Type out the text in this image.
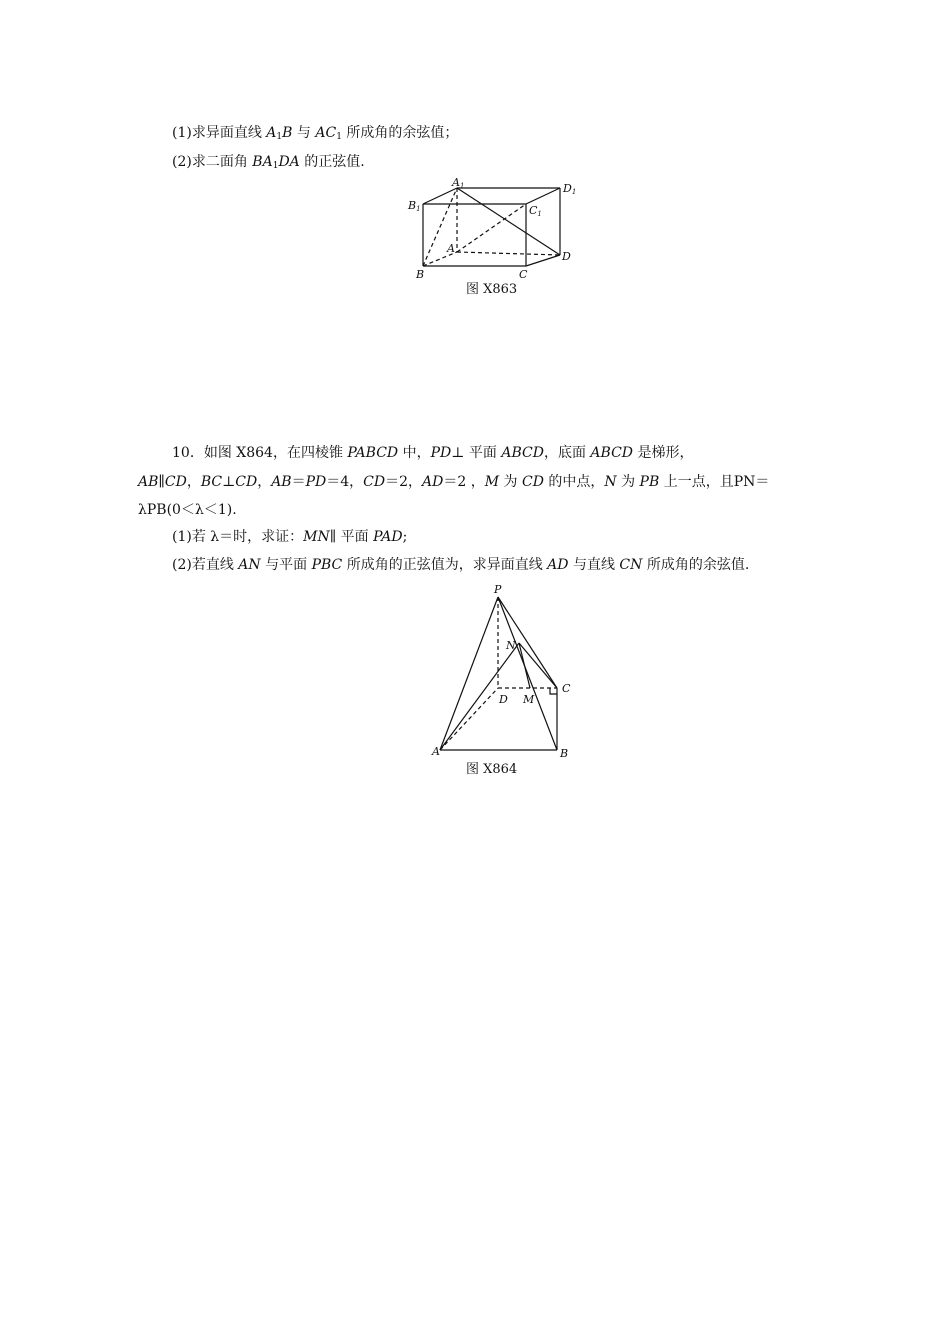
(1)求异面直线 $A_1B$ 与 $AC_1$ 所成角的余弦值；
(2)求二面角 $BA_1DA$ 的正弦值.
A1
B1	C1
D1
A
B	C
D
图 X863
10．如图 X864，在四棱锥 PABCD 中，PD⊥ 平面 ABCD，底面 ABCD 是梯形，
AB∥CD，BC⊥CD，AB＝PD＝4，CD＝2，AD＝2 ，M 为 CD 的中点，N 为 PB 上一点，且PN＝
λPB(0＜λ＜1).
(1)若 λ＝时，求证：MN∥ 平面 PAD;
(2)若直线 AN 与平面 PBC 所成角的正弦值为，求异面直线 AD 与直线 CN 所成角的余弦值.
P
N
C
D M
A	B
图 X864
